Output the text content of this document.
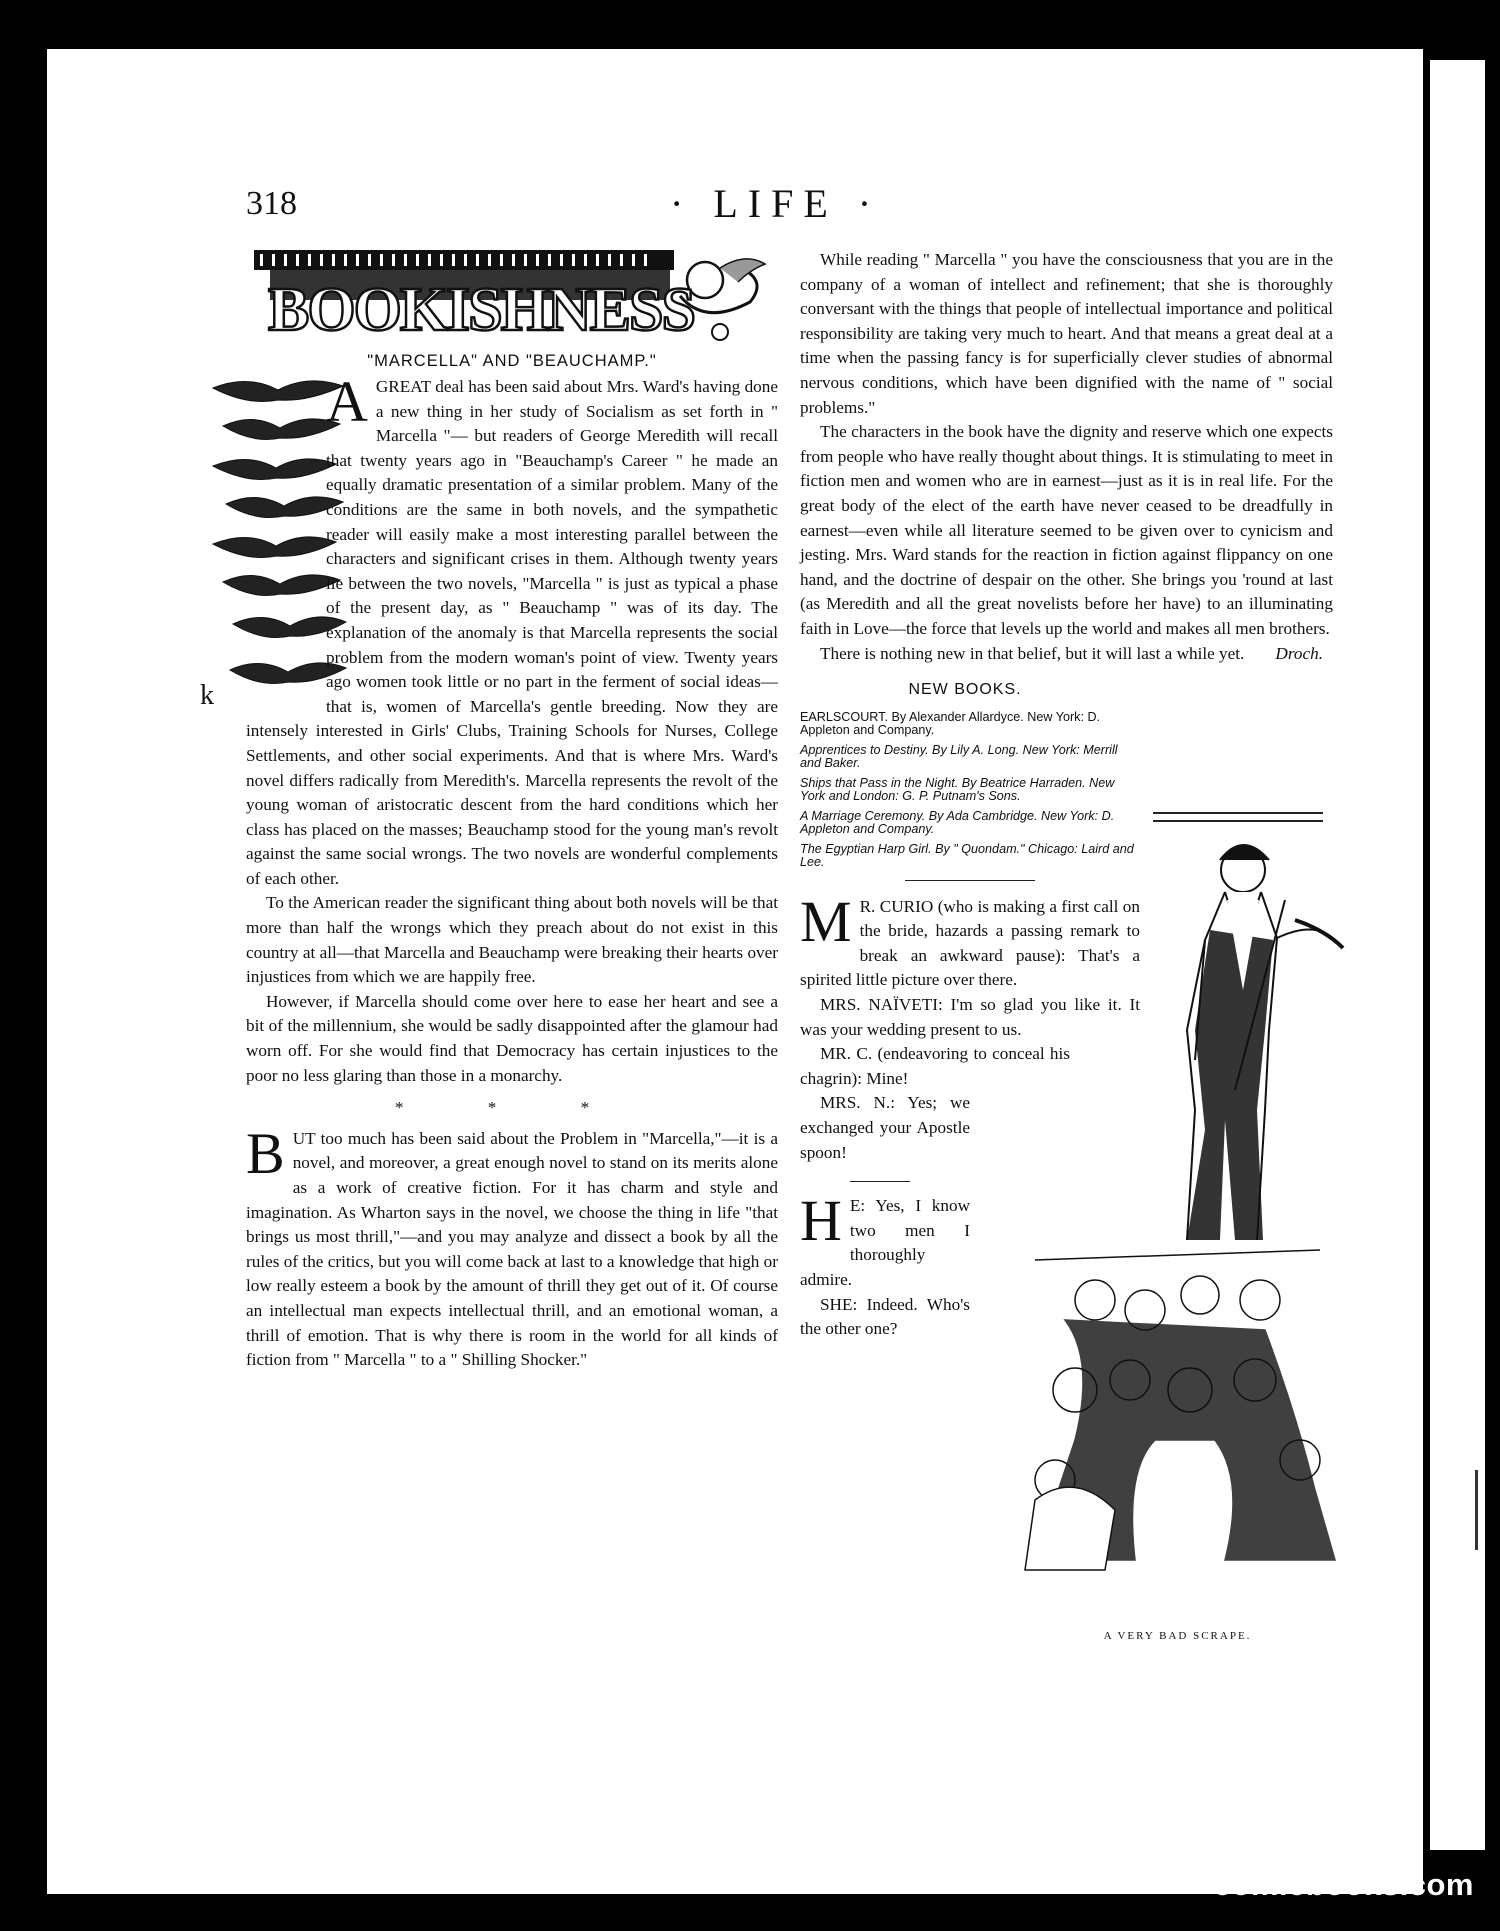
318	· LIFE ·
BOOKISHNESS
"MARCELLA" AND "BEAUCHAMP."
k
A GREAT deal has been said about Mrs. Ward's having done a new thing in her study of Socialism as set forth in " Marcella "— but readers of George Meredith will recall that twenty years ago in "Beauchamp's Career " he made an equally dramatic presentation of a similar problem. Many of the conditions are the same in both novels, and the sympathetic reader will easily make a most interesting parallel between the characters and significant crises in them. Although twenty years lie between the two novels, "Marcella " is just as typical a phase of the present day, as " Beauchamp " was of its day. The explanation of the anomaly is that Marcella represents the social problem from the modern woman's point of view. Twenty years ago women took little or no part in the ferment of social ideas—that is, women of Marcella's gentle breeding. Now they are intensely interested in Girls' Clubs, Training Schools for Nurses, College Settlements, and other social experiments. And that is where Mrs. Ward's novel differs radically from Meredith's. Marcella represents the revolt of the young woman of aristocratic descent from the hard conditions which her class has placed on the masses; Beauchamp stood for the young man's revolt against the same social wrongs. The two novels are wonderful complements of each other.

To the American reader the significant thing about both novels will be that more than half the wrongs which they preach about do not exist in this country at all—that Marcella and Beauchamp were breaking their hearts over injustices from which we are happily free.

However, if Marcella should come over here to ease her heart and see a bit of the millennium, she would be sadly disappointed after the glamour had worn off. For she would find that Democracy has certain injustices to the poor no less glaring than those in a monarchy.

* * *
B UT too much has been said about the Problem in "Marcella,"—it is a novel, and moreover, a great enough novel to stand on its merits alone as a work of creative fiction. For it has charm and style and imagination. As Wharton says in the novel, we choose the thing in life "that brings us most thrill,"—and you may analyze and dissect a book by all the rules of the critics, but you will come back at last to a knowledge that high or low really esteem a book by the amount of thrill they get out of it. Of course an intellectual man expects intellectual thrill, and an emotional woman, a thrill of emotion. That is why there is room in the world for all kinds of fiction from " Marcella " to a " Shilling Shocker."

While reading " Marcella " you have the consciousness that you are in the company of a woman of intellect and refinement; that she is thoroughly conversant with the things that people of intellectual importance and political responsibility are taking very much to heart. And that means a great deal at a time when the passing fancy is for superficially clever studies of abnormal nervous conditions, which have been dignified with the name of " social problems."

The characters in the book have the dignity and reserve which one expects from people who have really thought about things. It is stimulating to meet in fiction men and women who are in earnest—just as it is in real life. For the great body of the elect of the earth have never ceased to be dreadfully in earnest—even while all literature seemed to be given over to cynicism and jesting. Mrs. Ward stands for the reaction in fiction against flippancy on one hand, and the doctrine of despair on the other. She brings you 'round at last (as Meredith and all the great novelists before her have) to an illuminating faith in Love—the force that levels up the world and makes all men brothers.

There is nothing new in that belief, but it will last a while yet.	Droch.

NEW BOOKS.

EARLSCOURT. By Alexander Allardyce. New York: D. Appleton and Company.

Apprentices to Destiny. By Lily A. Long. New York: Merrill and Baker.

Ships that Pass in the Night. By Beatrice Harraden. New York and London: G. P. Putnam's Sons.

A Marriage Ceremony. By Ada Cambridge. New York: D. Appleton and Company.

The Egyptian Harp Girl. By " Quondam." Chicago: Laird and Lee.

M R. CURIO (who is making a first call on the bride, hazards a passing remark to break an awkward pause): That's a spirited little picture over there.

MRS. NAÏVETI: I'm so glad you like it. It was your wedding present to us.

MR. C. (endeavoring to conceal his chagrin): Mine!

MRS. N.: Yes; we exchanged your Apostle spoon!

H E: Yes, I know two men I thoroughly admire.

SHE: Indeed. Who's the other one?

A VERY BAD SCRAPE.
comicbooks.com
